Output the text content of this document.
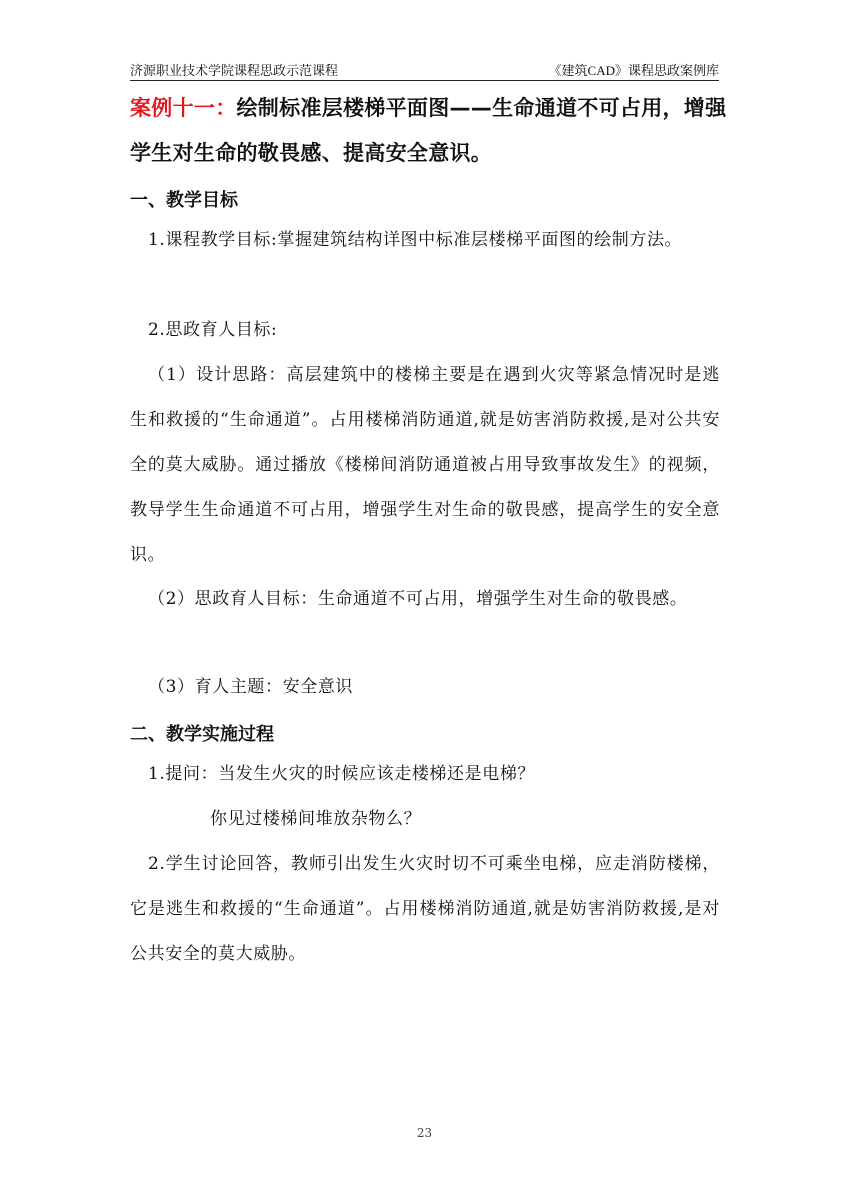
济源职业技术学院课程思政示范课程	《建筑CAD》课程思政案例库
案例十一：绘制标准层楼梯平面图——生命通道不可占用，增强学生对生命的敬畏感、提高安全意识。
一、教学目标
1.课程教学目标:掌握建筑结构详图中标准层楼梯平面图的绘制方法。
2.思政育人目标:
（1）设计思路：高层建筑中的楼梯主要是在遇到火灾等紧急情况时是逃生和救援的“生命通道”。占用楼梯消防通道,就是妨害消防救援,是对公共安全的莫大威胁。通过播放《楼梯间消防通道被占用导致事故发生》的视频，教导学生生命通道不可占用，增强学生对生命的敬畏感，提高学生的安全意识。
（2）思政育人目标：生命通道不可占用，增强学生对生命的敬畏感。
（3）育人主题：安全意识
二、教学实施过程
1.提问：当发生火灾的时候应该走楼梯还是电梯？
你见过楼梯间堆放杂物么？
2.学生讨论回答，教师引出发生火灾时切不可乘坐电梯，应走消防楼梯，它是逃生和救援的“生命通道”。占用楼梯消防通道,就是妨害消防救援,是对公共安全的莫大威胁。
23
